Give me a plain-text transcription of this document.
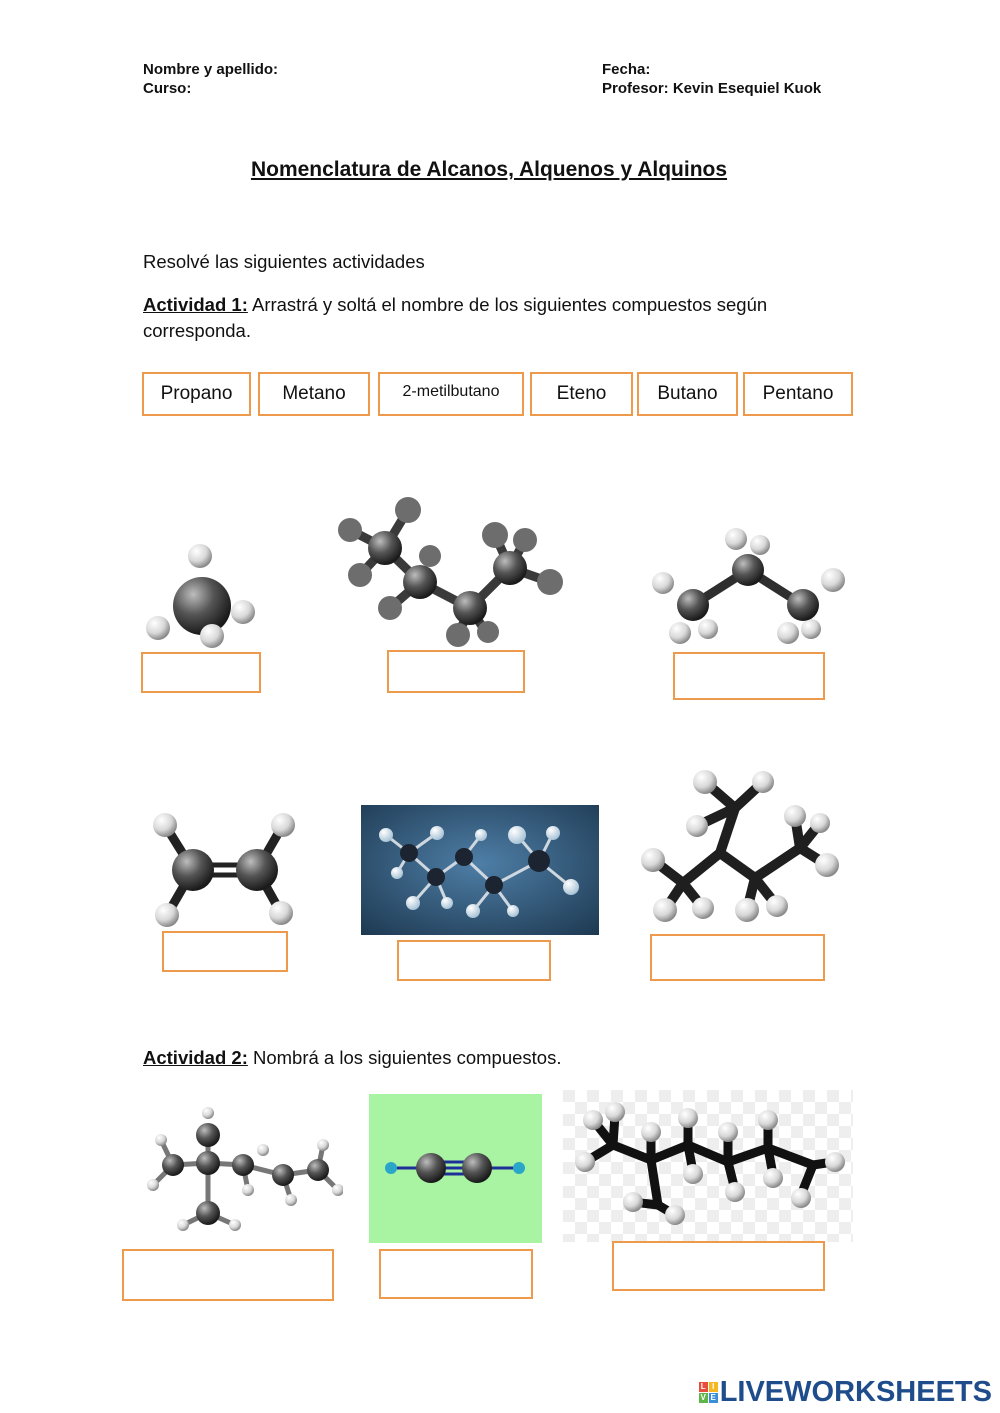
Nombre y apellido:
Curso:
Fecha:
Profesor: Kevin Esequiel Kuok
Nomenclatura de Alcanos, Alquenos y Alquinos
Resolvé las siguientes actividades
Actividad 1: Arrastrá y soltá el nombre de los siguientes compuestos según
corresponda.
Propano	Metano	2-metilbutano	Eteno	Butano	Pentano
Actividad 2: Nombrá a los siguientes compuestos.
L I
V E LIVEWORKSHEETS
